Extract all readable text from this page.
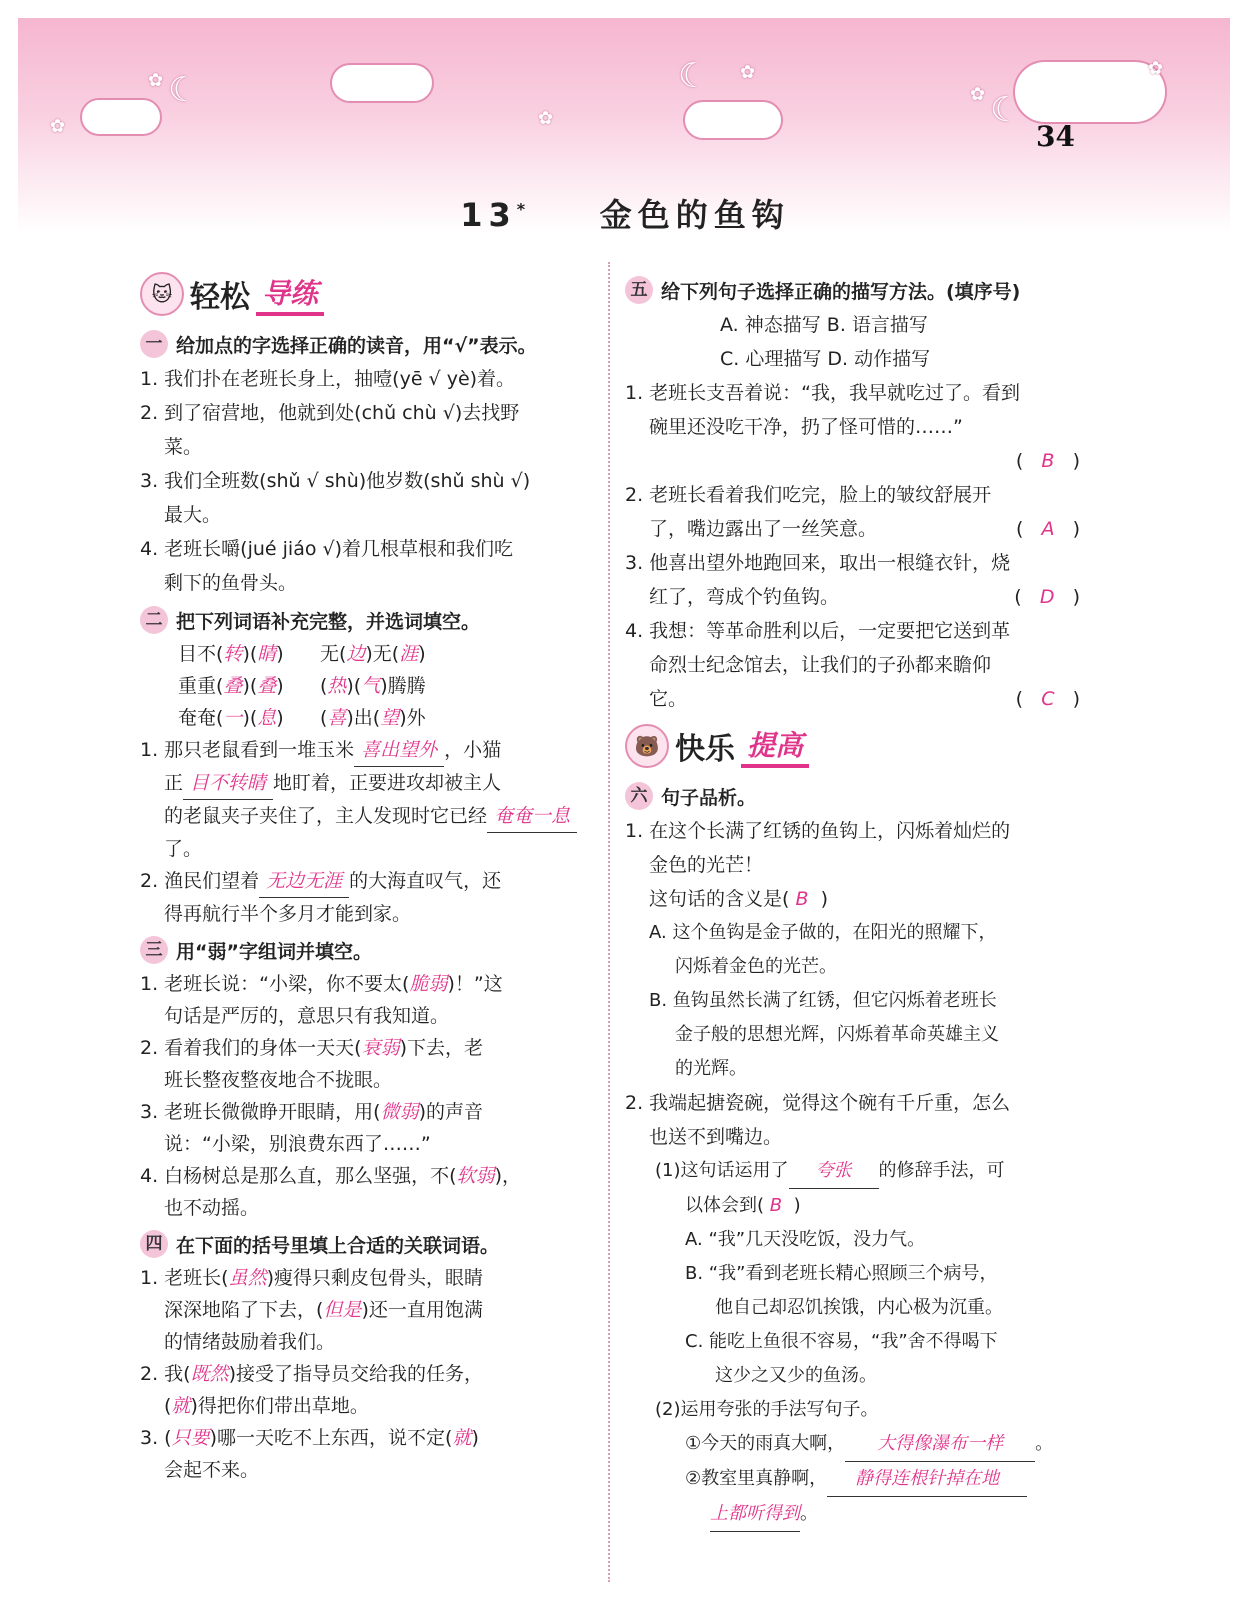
☾	☾
☾
✿
✿
✿
✿
✿
✿
34
13* 金色的鱼钩
🐱 轻松 导练
一 给加点的字选择正确的读音，用“√”表示。
1. 我们扑在老班长身上，抽噎(yē √ yè)着。
2. 到了宿营地，他就到处(chǔ chù √)去找野
菜。
3. 我们全班数(shǔ √ shù)他岁数(shǔ shù √)
最大。
4. 老班长嚼(jué jiáo √)着几根草根和我们吃
剩下的鱼骨头。
二 把下列词语补充完整，并选词填空。
目不(转)(睛) 无(边)无(涯)
重重(叠)(叠) (热)(气)腾腾
奄奄(一)(息) (喜)出(望)外
1. 那只老鼠看到一堆玉米 喜出望外 ，小猫
正 目不转睛 地盯着，正要进攻却被主人
的老鼠夹子夹住了，主人发现时它已经 奄奄一息了。
2. 渔民们望着 无边无涯 的大海直叹气，还
得再航行半个多月才能到家。
三 用“弱”字组词并填空。
1. 老班长说：“小梁，你不要太(脆弱)！”这
句话是严厉的，意思只有我知道。
2. 看着我们的身体一天天(衰弱)下去，老
班长整夜整夜地合不拢眼。
3. 老班长微微睁开眼睛，用(微弱)的声音
说：“小梁，别浪费东西了……”
4. 白杨树总是那么直，那么坚强，不(软弱)，
也不动摇。
四 在下面的括号里填上合适的关联词语。
1. 老班长(虽然)瘦得只剩皮包骨头，眼睛
深深地陷了下去，(但是)还一直用饱满
的情绪鼓励着我们。
2. 我(既然)接受了指导员交给我的任务，
(就)得把你们带出草地。
3. (只要)哪一天吃不上东西，说不定(就)
会起不来。
五 给下列句子选择正确的描写方法。(填序号)
A. 神态描写 B. 语言描写
C. 心理描写 D. 动作描写
1. 老班长支吾着说：“我，我早就吃过了。看到
碗里还没吃干净，扔了怪可惜的……”
(   B   )
2. 老班长看着我们吃完，脸上的皱纹舒展开
了，嘴边露出了一丝笑意。	(   A   )
3. 他喜出望外地跑回来，取出一根缝衣针，烧
红了，弯成个钓鱼钩。	(   D   )
4. 我想：等革命胜利以后，一定要把它送到革
命烈士纪念馆去，让我们的子孙都来瞻仰
它。	(   C   )
🐻 快乐 提高
六 句子品析。
1. 在这个长满了红锈的鱼钩上，闪烁着灿烂的
金色的光芒！
这句话的含义是( B )
A. 这个鱼钩是金子做的，在阳光的照耀下，
闪烁着金色的光芒。
B. 鱼钩虽然长满了红锈，但它闪烁着老班长
金子般的思想光辉，闪烁着革命英雄主义
的光辉。
2. 我端起搪瓷碗，觉得这个碗有千斤重，怎么
也送不到嘴边。
(1)这句话运用了 夸张 的修辞手法，可
以体会到( B )
A. “我”几天没吃饭，没力气。
B. “我”看到老班长精心照顾三个病号，
他自己却忍饥挨饿，内心极为沉重。
C. 能吃上鱼很不容易，“我”舍不得喝下
这少之又少的鱼汤。
(2)运用夸张的手法写句子。
①今天的雨真大啊， 大得像瀑布一样 。
②教室里真静啊， 静得连根针掉在地
上都听得到。
